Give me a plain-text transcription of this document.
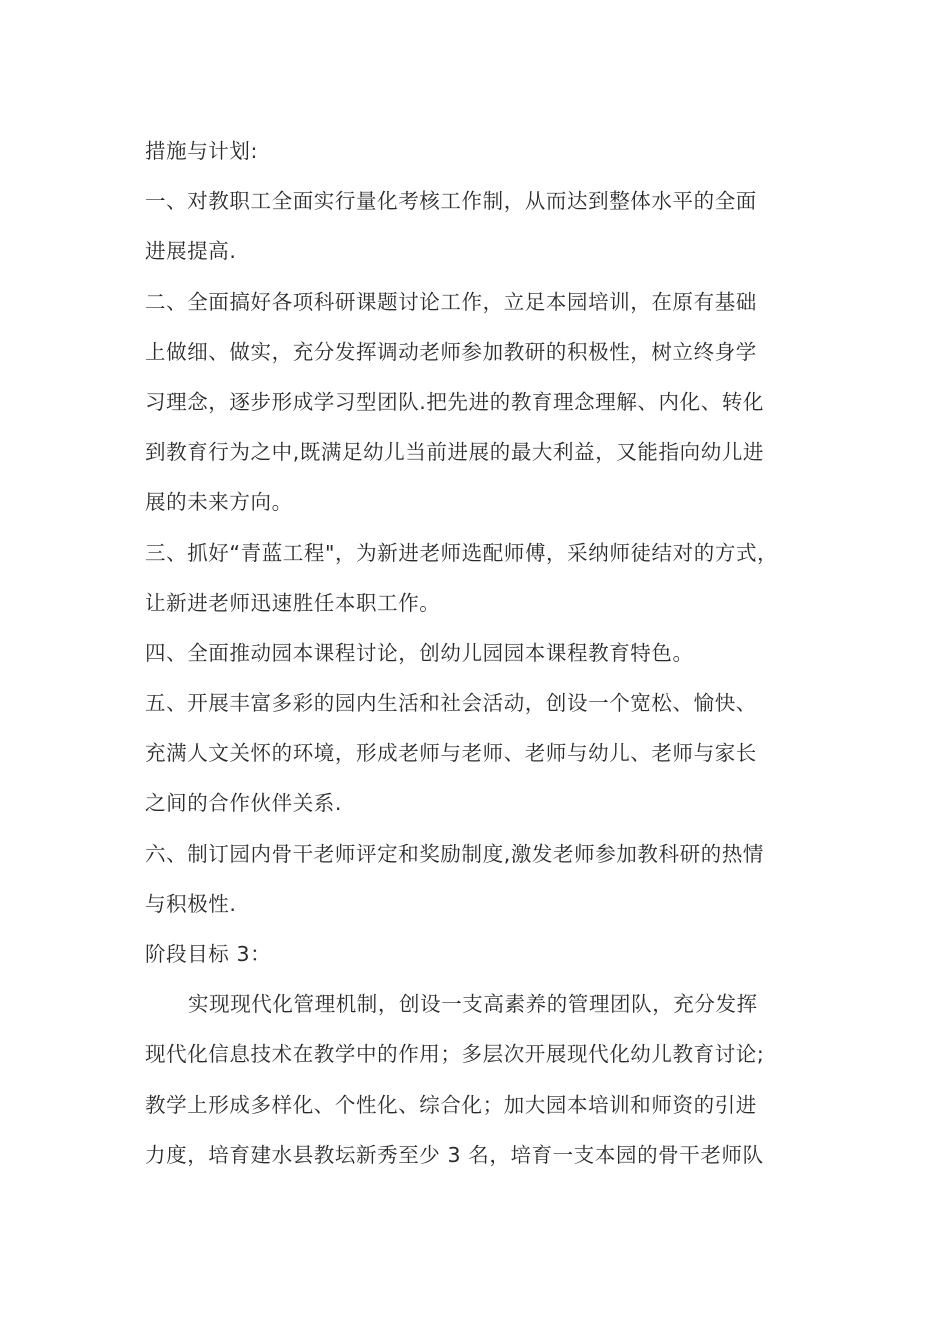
措施与计划:
一、对教职工全面实行量化考核工作制，从而达到整体水平的全面
进展提高.
二、全面搞好各项科研课题讨论工作，立足本园培训，在原有基础
上做细、做实，充分发挥调动老师参加教研的积极性，树立终身学
习理念，逐步形成学习型团队.把先进的教育理念理解、内化、转化
到教育行为之中,既满足幼儿当前进展的最大利益，又能指向幼儿进
展的未来方向。
三、抓好“青蓝工程"，为新进老师选配师傅，采纳师徒结对的方式，
让新进老师迅速胜任本职工作。
四、全面推动园本课程讨论，创幼儿园园本课程教育特色。
五、开展丰富多彩的园内生活和社会活动，创设一个宽松、愉快、
充满人文关怀的环境，形成老师与老师、老师与幼儿、老师与家长
之间的合作伙伴关系.
六、制订园内骨干老师评定和奖励制度,激发老师参加教科研的热情
与积极性.
阶段目标 3：
实现现代化管理机制，创设一支高素养的管理团队，充分发挥
现代化信息技术在教学中的作用；多层次开展现代化幼儿教育讨论;
教学上形成多样化、个性化、综合化；加大园本培训和师资的引进
力度，培育建水县教坛新秀至少 3 名，培育一支本园的骨干老师队
